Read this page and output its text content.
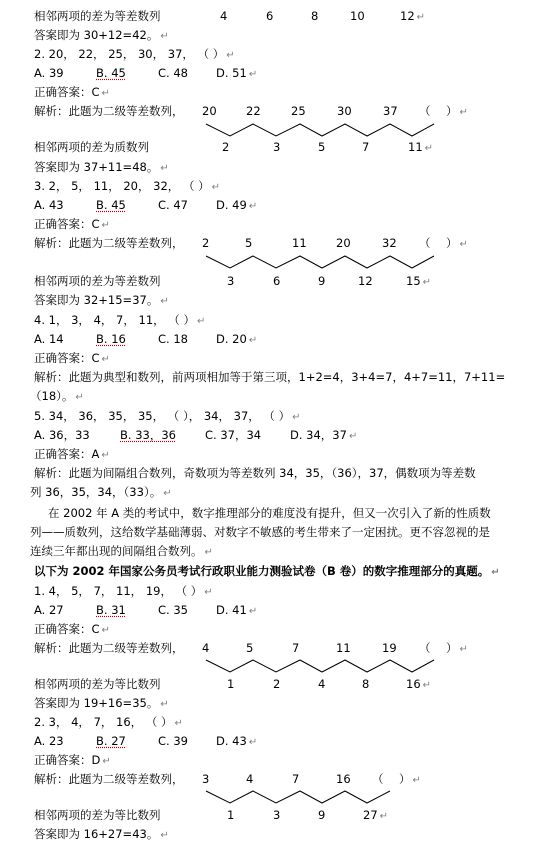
相邻两项的差为等差数列	4	6	8	10	12 ↵
答案即为 30+12=42。 ↵
2. 20， 22， 25， 30， 37， （ ） ↵
A. 39	B. 45	C. 48 D. 51 ↵
正确答案：C ↵
解析：此题为二级等差数列， 20	22	25	30	37 （ ） ↵
相邻两项的差为质数列	2	3	5	7	11 ↵
答案即为 37+11=48。 ↵
3. 2， 5， 11， 20， 32， （ ） ↵
A. 43	B. 45	C. 47 D. 49 ↵
正确答案：C ↵
解析：此题为二级等差数列， 2	5	11	20	32 （ ） ↵
相邻两项的差为等差数列	3	6	9	12	15 ↵
答案即为 32+15=37。 ↵
4. 1， 3， 4， 7， 11， （ ） ↵
A. 14	B. 16	C. 18 D. 20 ↵
正确答案：C ↵
解析：此题为典型和数列，前两项相加等于第三项，1+2=4，3+4=7，4+7=11，7+11=
（18）。 ↵
5. 34， 36， 35， 35， （ ）， 34， 37， （ ） ↵
A. 36，33	B. 33，36	C. 37，34	D. 34，37 ↵
正确答案：A ↵
解析：此题为间隔组合数列，奇数项为等差数列 34，35，（36），37，偶数项为等差数
列 36，35，34，（33）。 ↵
在 2002 年 A 类的考试中，数字推理部分的难度没有提升，但又一次引入了新的性质数
列——质数列，这给数学基础薄弱、对数字不敏感的考生带来了一定困扰。更不容忽视的是
连续三年都出现的间隔组合数列。 ↵
以下为 2002 年国家公务员考试行政职业能力测验试卷（B 卷）的数字推理部分的真题。 ↵
1. 4， 5， 7， 11， 19， （ ） ↵
A. 27	B. 31	C. 35 D. 41 ↵
正确答案：C ↵
解析：此题为二级等差数列， 4	5	7	11	19 （ ） ↵
相邻两项的差为等比数列	1	2	4	8	16 ↵
答案即为 19+16=35。 ↵
2. 3， 4， 7， 16， （ ） ↵
A. 23	B. 27	C. 39 D. 43 ↵
正确答案：D ↵
解析：此题为二级等差数列， 3	4	7	16 （ ） ↵
相邻两项的差为等比数列	1	3	9	27 ↵
答案即为 16+27=43。 ↵
